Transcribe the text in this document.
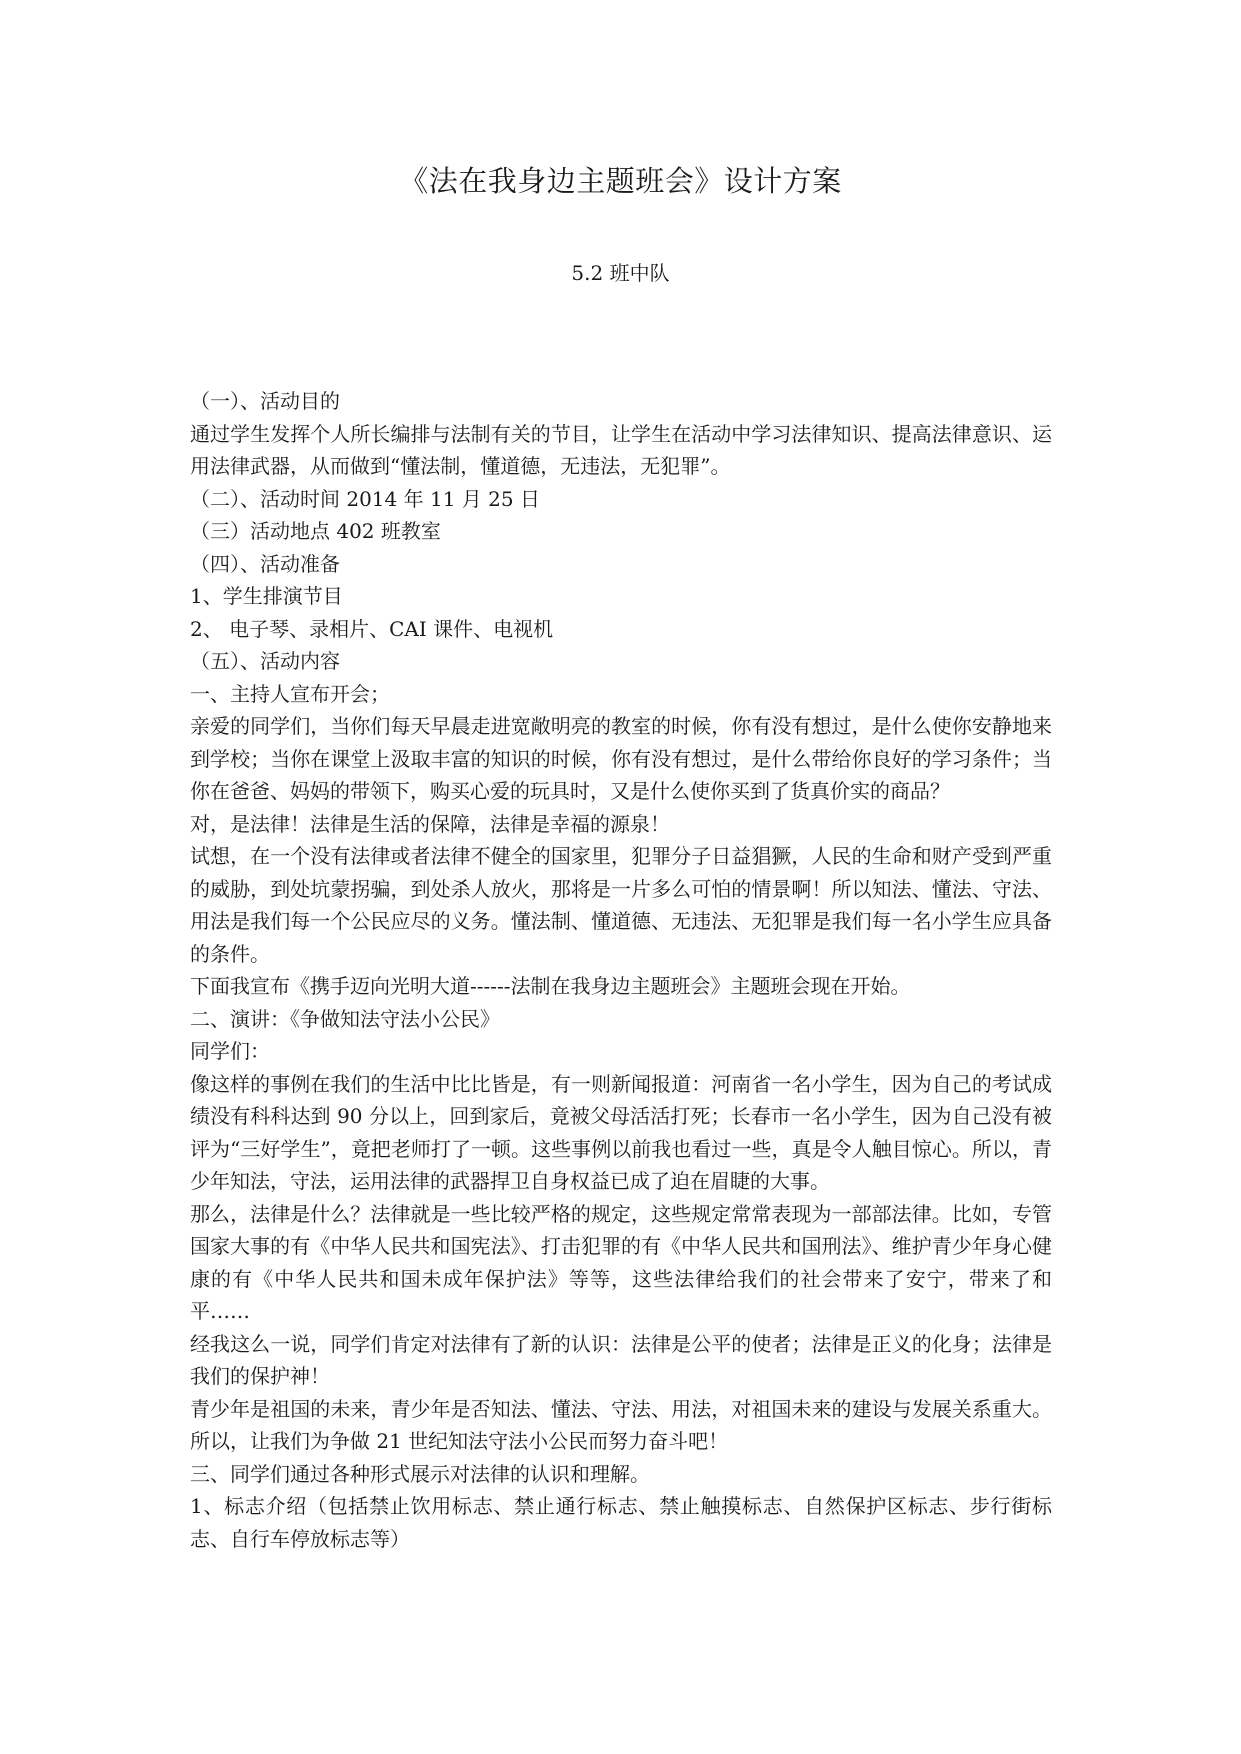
《法在我身边主题班会》设计方案
5.2 班中队

（一）、活动目的

通过学生发挥个人所长编排与法制有关的节目，让学生在活动中学习法律知识、提高法律意识、运用法律武器，从而做到“懂法制，懂道德，无违法，无犯罪”。

（二）、活动时间 2014 年 11 月 25 日

（三）活动地点 402 班教室

（四）、活动准备

1、学生排演节目

2、 电子琴、录相片、CAI 课件、电视机

（五）、活动内容

一、主持人宣布开会；

亲爱的同学们，当你们每天早晨走进宽敞明亮的教室的时候，你有没有想过，是什么使你安静地来到学校；当你在课堂上汲取丰富的知识的时候，你有没有想过，是什么带给你良好的学习条件；当你在爸爸、妈妈的带领下，购买心爱的玩具时，又是什么使你买到了货真价实的商品？

对，是法律！法律是生活的保障，法律是幸福的源泉！

试想，在一个没有法律或者法律不健全的国家里，犯罪分子日益猖獗，人民的生命和财产受到严重的威胁，到处坑蒙拐骗，到处杀人放火，那将是一片多么可怕的情景啊！所以知法、懂法、守法、用法是我们每一个公民应尽的义务。懂法制、懂道德、无违法、无犯罪是我们每一名小学生应具备的条件。

下面我宣布《携手迈向光明大道------法制在我身边主题班会》主题班会现在开始。

二、演讲：《争做知法守法小公民》

同学们：

像这样的事例在我们的生活中比比皆是，有一则新闻报道：河南省一名小学生，因为自己的考试成绩没有科科达到 90 分以上，回到家后，竟被父母活活打死；长春市一名小学生，因为自己没有被评为“三好学生”，竟把老师打了一顿。这些事例以前我也看过一些，真是令人触目惊心。所以，青少年知法，守法，运用法律的武器捍卫自身权益已成了迫在眉睫的大事。

那么，法律是什么？法律就是一些比较严格的规定，这些规定常常表现为一部部法律。比如，专管国家大事的有《中华人民共和国宪法》、打击犯罪的有《中华人民共和国刑法》、维护青少年身心健康的有《中华人民共和国未成年保护法》等等，这些法律给我们的社会带来了安宁，带来了和平……

经我这么一说，同学们肯定对法律有了新的认识：法律是公平的使者；法律是正义的化身；法律是我们的保护神！

青少年是祖国的未来，青少年是否知法、懂法、守法、用法，对祖国未来的建设与发展关系重大。所以，让我们为争做 21 世纪知法守法小公民而努力奋斗吧！

三、同学们通过各种形式展示对法律的认识和理解。

1、标志介绍（包括禁止饮用标志、禁止通行标志、禁止触摸标志、自然保护区标志、步行街标志、自行车停放标志等）
